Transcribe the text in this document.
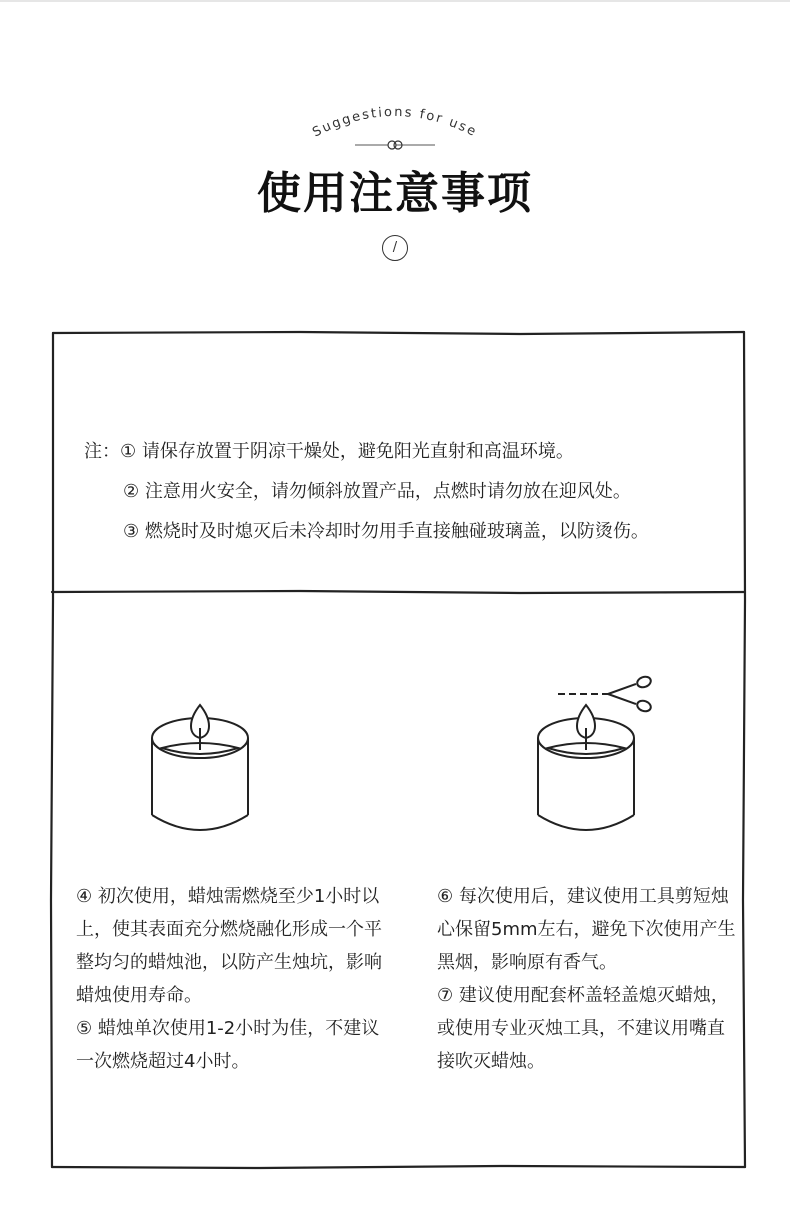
Suggestions for use
使用注意事项
/
注：① 请保存放置于阴凉干燥处，避免阳光直射和高温环境。
② 注意用火安全，请勿倾斜放置产品，点燃时请勿放在迎风处。
③ 燃烧时及时熄灭后未冷却时勿用手直接触碰玻璃盖，以防烫伤。

④ 初次使用，蜡烛需燃烧至少1小时以上，使其表面充分燃烧融化形成一个平整均匀的蜡烛池，以防产生烛坑，影响蜡烛使用寿命。

⑤ 蜡烛单次使用1-2小时为佳，不建议一次燃烧超过4小时。

⑥ 每次使用后，建议使用工具剪短烛心保留5mm左右，避免下次使用产生黑烟，影响原有香气。

⑦ 建议使用配套杯盖轻盖熄灭蜡烛，或使用专业灭烛工具，不建议用嘴直接吹灭蜡烛。
